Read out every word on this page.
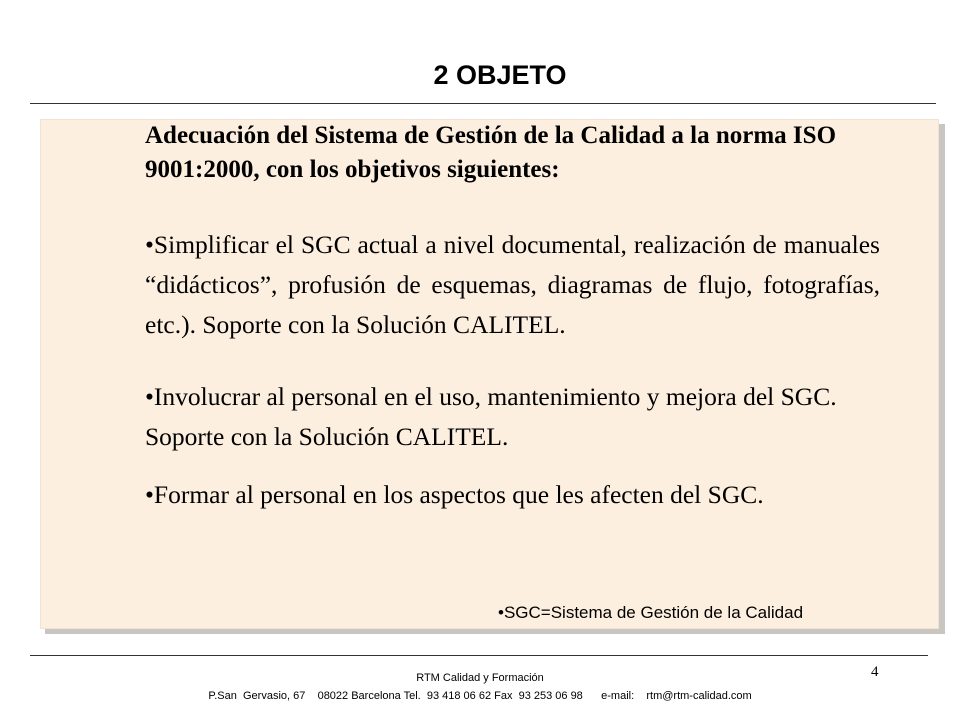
2 OBJETO

Adecuación del Sistema de Gestión de la Calidad a la norma ISO 9001:2000, con los objetivos siguientes:

•Simplificar el SGC actual a nivel documental, realización de manuales “didácticos”, profusión de esquemas, diagramas de flujo, fotografías, etc.). Soporte con la Solución CALITEL.

•Involucrar al personal en el uso, mantenimiento y mejora del SGC. Soporte con la Solución CALITEL.

•Formar al personal en los aspectos que les afecten del SGC.

•SGC=Sistema de Gestión de la Calidad
4
RTM Calidad y Formación
P.San  Gervasio, 67    08022 Barcelona Tel.  93 418 06 62 Fax  93 253 06 98      e-mail:    rtm@rtm-calidad.com
